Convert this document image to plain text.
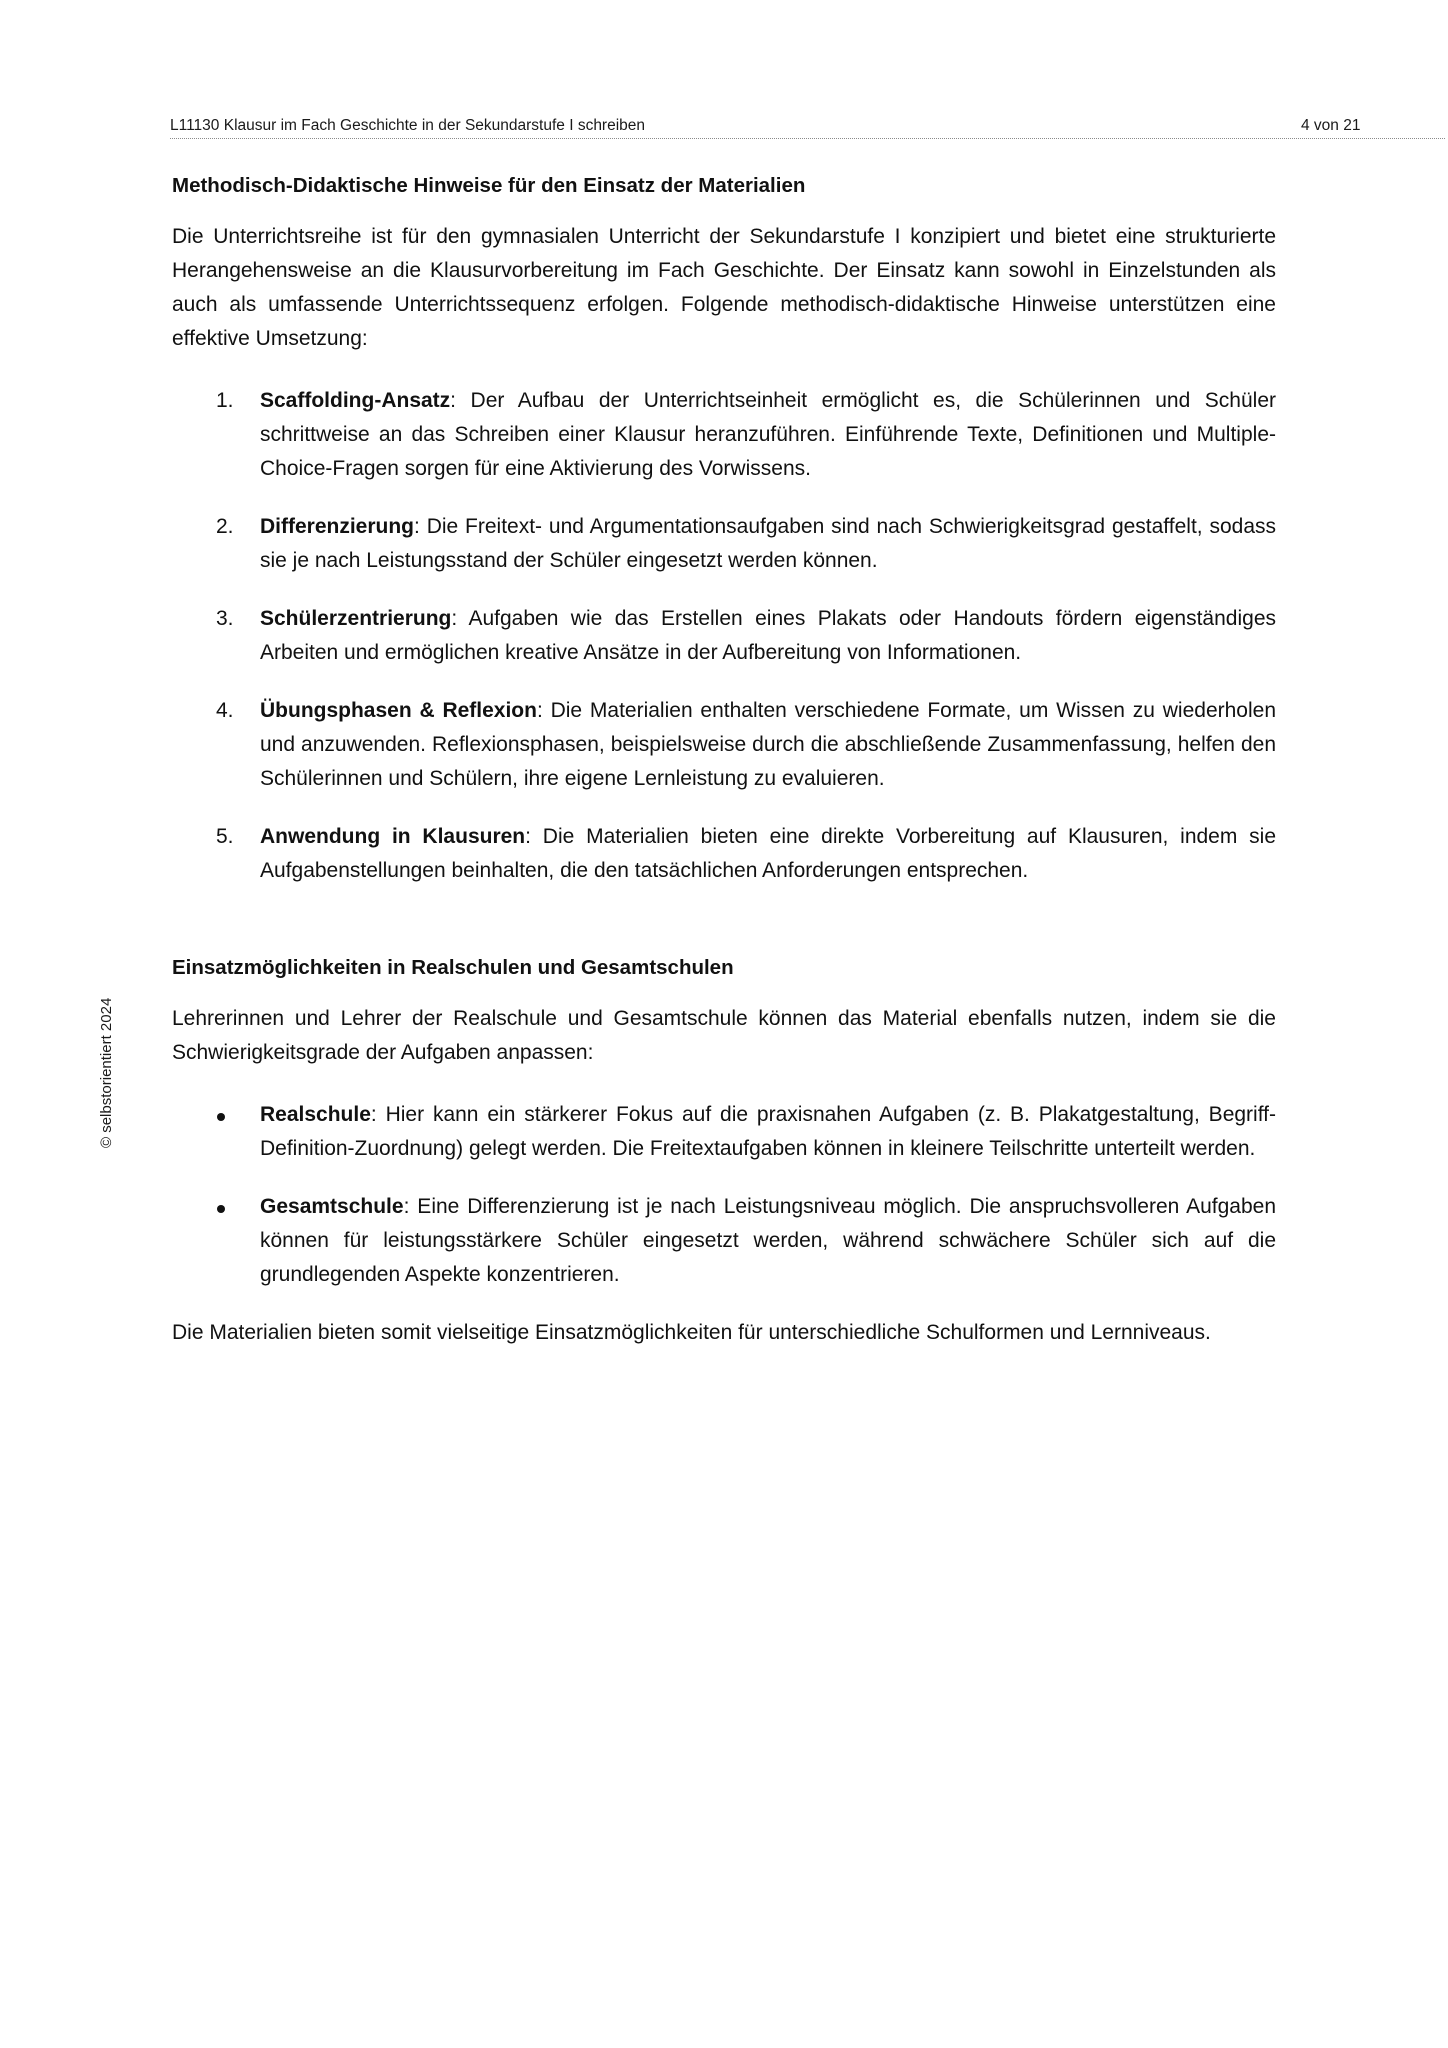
L11130 Klausur im Fach Geschichte in der Sekundarstufe I schreiben	4 von 21
© selbstorientiert 2024
Methodisch-Didaktische Hinweise für den Einsatz der Materialien

Die Unterrichtsreihe ist für den gymnasialen Unterricht der Sekundarstufe I konzipiert und bietet eine strukturierte Herangehensweise an die Klausurvorbereitung im Fach Geschichte. Der Einsatz kann sowohl in Einzelstunden als auch als umfassende Unterrichtssequenz erfolgen. Folgende methodisch-didaktische Hinweise unterstützen eine effektive Umsetzung:

1. Scaffolding-Ansatz: Der Aufbau der Unterrichtseinheit ermöglicht es, die Schülerinnen und Schüler schrittweise an das Schreiben einer Klausur heranzuführen. Einführende Texte, Definitionen und Multiple-Choice-Fragen sorgen für eine Aktivierung des Vorwissens.
2. Differenzierung: Die Freitext- und Argumentationsaufgaben sind nach Schwierigkeitsgrad gestaffelt, sodass sie je nach Leistungsstand der Schüler eingesetzt werden können.
3. Schülerzentrierung: Aufgaben wie das Erstellen eines Plakats oder Handouts fördern eigenständiges Arbeiten und ermöglichen kreative Ansätze in der Aufbereitung von Informationen.
4. Übungsphasen & Reflexion: Die Materialien enthalten verschiedene Formate, um Wissen zu wiederholen und anzuwenden. Reflexionsphasen, beispielsweise durch die abschließende Zusammenfassung, helfen den Schülerinnen und Schülern, ihre eigene Lernleistung zu evaluieren.
5. Anwendung in Klausuren: Die Materialien bieten eine direkte Vorbereitung auf Klausuren, indem sie Aufgabenstellungen beinhalten, die den tatsächlichen Anforderungen entsprechen.
Einsatzmöglichkeiten in Realschulen und Gesamtschulen

Lehrerinnen und Lehrer der Realschule und Gesamtschule können das Material ebenfalls nutzen, indem sie die Schwierigkeitsgrade der Aufgaben anpassen:

Realschule: Hier kann ein stärkerer Fokus auf die praxisnahen Aufgaben (z. B. Plakatgestaltung, Begriff-Definition-Zuordnung) gelegt werden. Die Freitextaufgaben können in kleinere Teilschritte unterteilt werden.
Gesamtschule: Eine Differenzierung ist je nach Leistungsniveau möglich. Die anspruchsvolleren Aufgaben können für leistungsstärkere Schüler eingesetzt werden, während schwächere Schüler sich auf die grundlegenden Aspekte konzentrieren.

Die Materialien bieten somit vielseitige Einsatzmöglichkeiten für unterschiedliche Schulformen und Lernniveaus.
